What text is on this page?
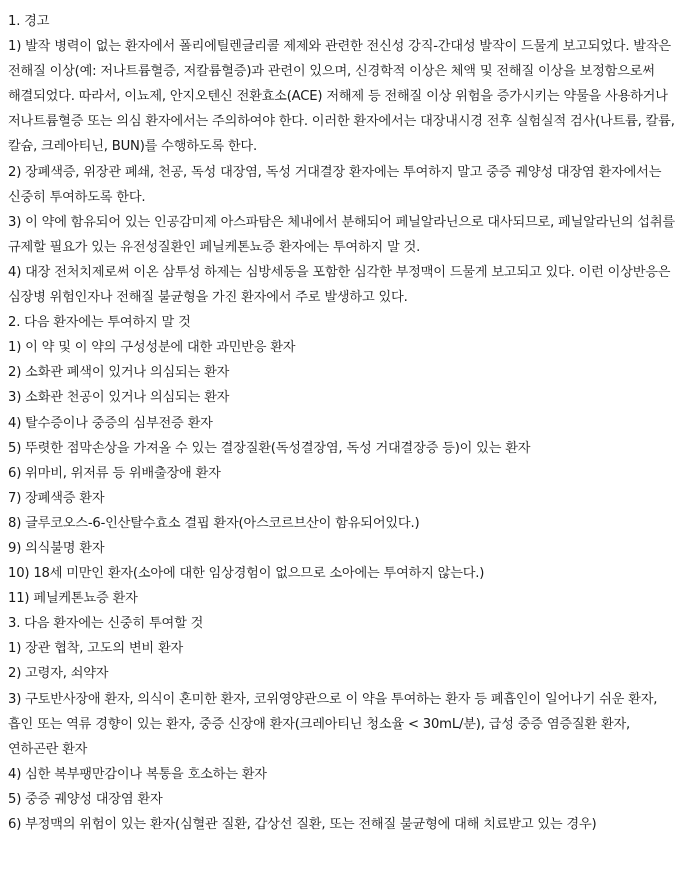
1. 경고
1) 발작 병력이 없는 환자에서 폴리에틸렌글리콜 제제와 관련한 전신성 강직-간대성 발작이 드물게 보고되었다. 발작은 전해질 이상(예: 저나트륨혈증, 저칼륨혈증)과 관련이 있으며, 신경학적 이상은 체액 및 전해질 이상을 보정함으로써 해결되었다. 따라서, 이뇨제, 안지오텐신 전환효소(ACE) 저해제 등 전해질 이상 위험을 증가시키는 약물을 사용하거나 저나트륨혈증 또는 의심 환자에서는 주의하여야 한다. 이러한 환자에서는 대장내시경 전후 실험실적 검사(나트륨, 칼륨, 칼슘, 크레아티닌, BUN)를 수행하도록 한다.
2) 장폐색증, 위장관 폐쇄, 천공, 독성 대장염, 독성 거대결장 환자에는 투여하지 말고 중증 궤양성 대장염 환자에서는 신중히 투여하도록 한다.
3) 이 약에 함유되어 있는 인공감미제 아스파탐은 체내에서 분해되어 페닐알라닌으로 대사되므로, 페닐알라닌의 섭취를 규제할 필요가 있는 유전성질환인 페닐케톤뇨증 환자에는 투여하지 말 것.
4) 대장 전처치제로써 이온 삼투성 하제는 심방세동을 포함한 심각한 부정맥이 드물게 보고되고 있다. 이런 이상반응은 심장병 위험인자나 전해질 불균형을 가진 환자에서 주로 발생하고 있다.
2. 다음 환자에는 투여하지 말 것
1) 이 약 및 이 약의 구성성분에 대한 과민반응 환자
2) 소화관 폐색이 있거나 의심되는 환자
3) 소화관 천공이 있거나 의심되는 환자
4) 탈수증이나 중증의 심부전증 환자
5) 뚜렷한 점막손상을 가져올 수 있는 결장질환(독성결장염, 독성 거대결장증 등)이 있는 환자
6) 위마비, 위저류 등 위배출장애 환자
7) 장폐색증 환자
8) 글루코오스-6-인산탈수효소 결핍 환자(아스코르브산이 함유되어있다.)
9) 의식불명 환자
10) 18세 미만인 환자(소아에 대한 임상경험이 없으므로 소아에는 투여하지 않는다.)
11) 페닐케톤뇨증 환자
3. 다음 환자에는 신중히 투여할 것
1) 장관 협착, 고도의 변비 환자
2) 고령자, 쇠약자
3) 구토반사장애 환자, 의식이 혼미한 환자, 코위영양관으로 이 약을 투여하는 환자 등 폐흡인이 일어나기 쉬운 환자, 흡인 또는 역류 경향이 있는 환자, 중증 신장애 환자(크레아티닌 청소율 < 30mL/분), 급성 중증 염증질환 환자, 연하곤란 환자
4) 심한 복부팽만감이나 복통을 호소하는 환자
5) 중증 궤양성 대장염 환자
6) 부정맥의 위험이 있는 환자(심혈관 질환, 갑상선 질환, 또는 전해질 불균형에 대해 치료받고 있는 경우)
